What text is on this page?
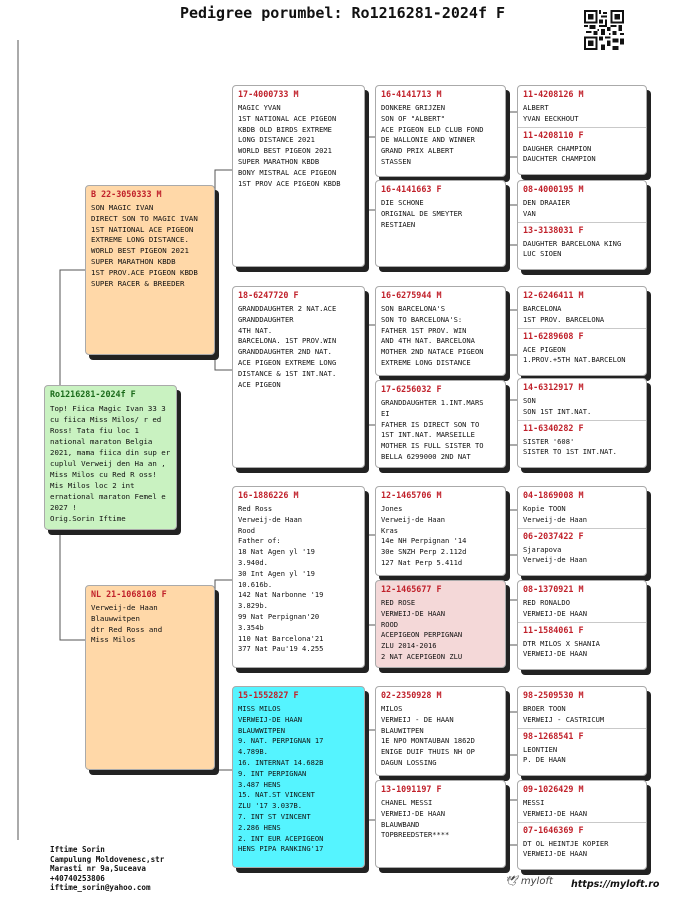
Pedigree porumbel: Ro1216281-2024f F
Ro1216281-2024f F
Top! Fiica Magic Ivan 33 3 cu fiica Miss Milos/ r ed Ross! Tata fiu loc 1 national maraton Belgia 2021, mama fiica din sup er cuplul Verweij den Ha an , Miss Milos cu Red R oss! Mis Milos loc 2 int ernational maraton Femel e 2027 !
Orig.Sorin Iftime
B 22-3050333 M
SON MAGIC IVAN
DIRECT SON TO MAGIC IVAN
1ST NATIONAL ACE PIGEON
EXTREME LONG DISTANCE.
WORLD BEST PIGEON 2021
SUPER MARATHON KBDB
1ST PROV.ACE PIGEON KBDB
SUPER RACER & BREEDER
NL 21-1068108 F
Verweij-de Haan
Blauwwitpen
dtr Red Ross and
Miss Milos
17-4000733 M
MAGIC YVAN
1ST NATIONAL ACE PIGEON
KBDB OLD BIRDS EXTREME
LONG DISTANCE 2021
WORLD BEST PIGEON 2021
SUPER MARATHON KBDB
BONY MISTRAL ACE PIGEON
1ST PROV ACE PIGEON KBDB
18-6247720 F
GRANDDAUGHTER 2 NAT.ACE
GRANDDAUGHTER
4TH NAT.
BARCELONA. 1ST PROV.WIN
GRANDDAUGHTER 2ND NAT.
ACE PIGEON EXTREME LONG
DISTANCE & 1ST INT.NAT.
ACE PIGEON
16-1886226 M
Red Ross
Verweij-de Haan
Rood
Father of:
18 Nat Agen yl '19
3.940d.
30 Int Agen yl '19
10.616b.
142 Nat Narbonne '19
3.829b.
99 Nat Perpignan'20
3.354b
110 Nat Barcelona'21
377 Nat Pau'19 4.255
15-1552827 F
MISS MILOS
VERWEIJ-DE HAAN
BLAUWWITPEN
9. NAT. PERPIGNAN 17
4.789B.
16. INTERNAT 14.682B
9. INT PERPIGNAN
3.487 HENS
15. NAT.ST VINCENT
ZLU '17 3.037B.
7. INT ST VINCENT
2.286 HENS
2. INT EUR ACEPIGEON
HENS PIPA RANKING'17
16-4141713 M
DONKERE GRIJZEN
SON OF "ALBERT"
ACE PIGEON ELD CLUB FOND
DE WALLONIE AND WINNER
GRAND PRIX ALBERT
STASSEN
16-4141663 F
DIE SCHONE
ORIGINAL DE SMEYTER
RESTIAEN
16-6275944 M
SON BARCELONA'S
SON TO BARCELONA'S:
FATHER 1ST PROV. WIN
AND 4TH NAT. BARCELONA
MOTHER 2ND NATACE PIGEON
EXTREME LONG DISTANCE
17-6256032 F
GRANDDAUGHTER 1.INT.MARS
EI
FATHER IS DIRECT SON TO
1ST INT.NAT. MARSEILLE
MOTHER IS FULL SISTER TO
BELLA 6299000 2ND NAT
12-1465706 M
Jones
Verweij-de Haan
Kras
14e NH Perpignan '14
30e SNZH Perp 2.112d
127 Nat Perp 5.411d
12-1465677 F
RED ROSE
VERWEIJ-DE HAAN
ROOD
ACEPIGEON PERPIGNAN
ZLU 2014-2016
2 NAT ACEPIGEON ZLU
02-2350928 M
MILOS
VERWEIJ - DE HAAN
BLAUWITPEN
1E NPO MONTAUBAN 1862D
ENIGE DUIF THUIS NH OP
DAGUN LOSSING
13-1091197 F
CHANEL MESSI
VERWEIJ-DE HAAN
BLAUWBAND
TOPBREEDSTER****
11-4208126 M
ALBERT
YVAN EECKHOUT
11-4208110 F
DAUGHER CHAMPION
DAUCHTER CHAMPION
08-4000195 M
DEN DRAAIER
VAN
13-3138031 F
DAUGHTER BARCELONA KING
LUC SIOEN
12-6246411 M
BARCELONA
1ST PROV. BARCELONA
11-6289608 F
ACE PIGEON
1.PROV.+5TH NAT.BARCELON
14-6312917 M
SON
SON 1ST INT.NAT.
11-6340282 F
SISTER '608'
SISTER TO 1ST INT.NAT.
04-1869008 M
Kopie TOON
Verweij-de Haan
06-2037422 F
Sjarapova
Verweij-de Haan
08-1370921 M
RED RONALDO
VERWEIJ-DE HAAN
11-1584061 F
DTR MILOS X SHANIA
VERWEIJ-DE HAAN
98-2509530 M
BROER TOON
VERWEIJ - CASTRICUM
98-1268541 F
LEONTIEN
P. DE HAAN
09-1026429 M
MESSI
VERWEIJ-DE HAAN
07-1646369 F
DT OL HEINTJE KOPIER
VERWEIJ-DE HAAN
Iftime Sorin
Campulung Moldovenesc,str
Marasti nr 9a,Suceava
+40740253806
iftime_sorin@yahoo.com
🕊 myloft https://myloft.ro
